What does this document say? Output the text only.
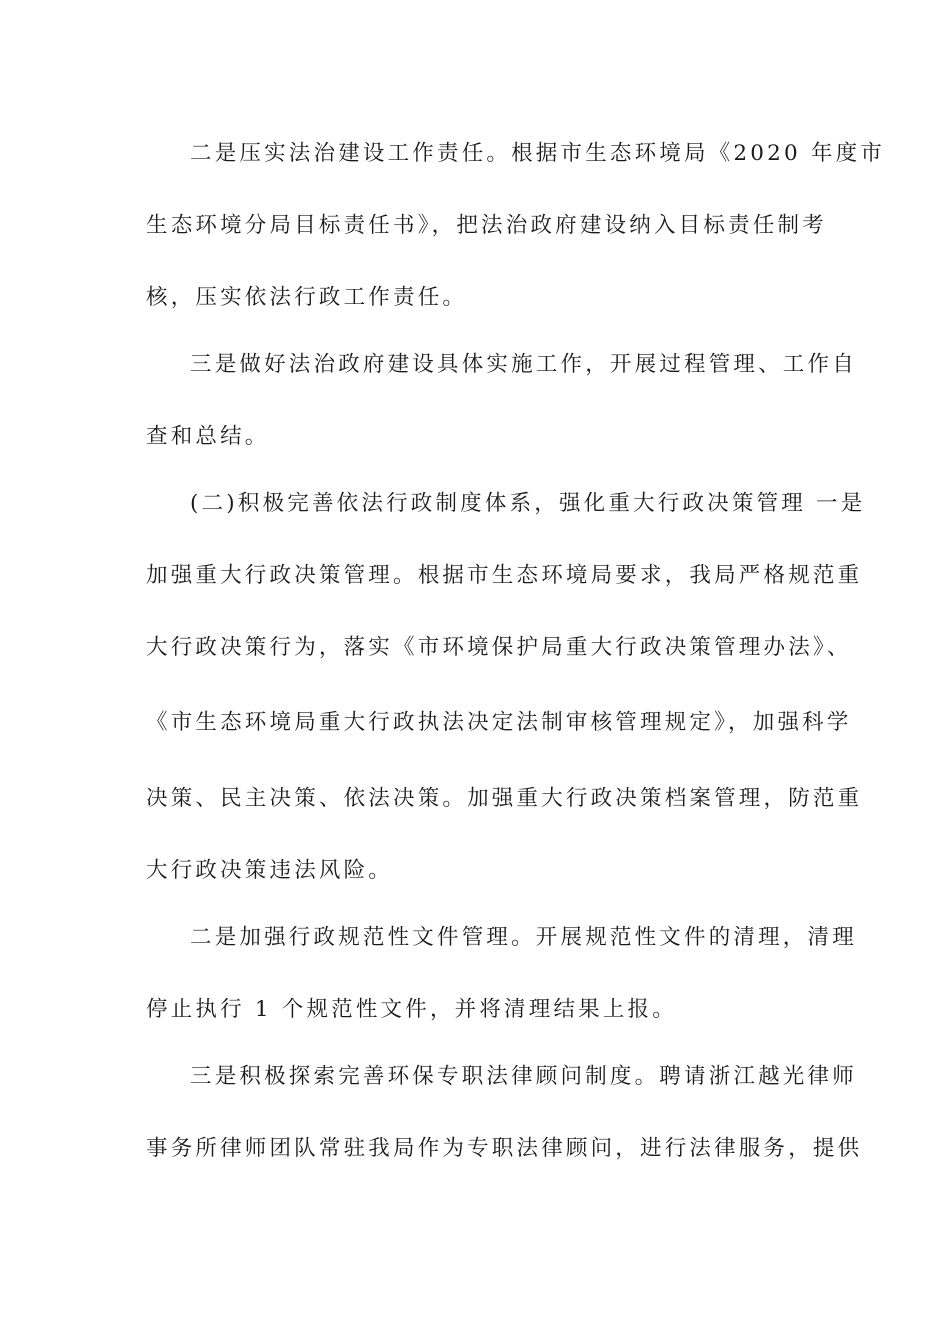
二是压实法治建设工作责任。根据市生态环境局《2020 年度市
生态环境分局目标责任书》，把法治政府建设纳入目标责任制考
核，压实依法行政工作责任。
三是做好法治政府建设具体实施工作，开展过程管理、工作自
查和总结。
(二)积极完善依法行政制度体系，强化重大行政决策管理 一是
加强重大行政决策管理。根据市生态环境局要求，我局严格规范重
大行政决策行为，落实《市环境保护局重大行政决策管理办法》、
《市生态环境局重大行政执法决定法制审核管理规定》，加强科学
决策、民主决策、依法决策。加强重大行政决策档案管理，防范重
大行政决策违法风险。
二是加强行政规范性文件管理。开展规范性文件的清理，清理
停止执行 1 个规范性文件，并将清理结果上报。
三是积极探索完善环保专职法律顾问制度。聘请浙江越光律师
事务所律师团队常驻我局作为专职法律顾问，进行法律服务，提供
